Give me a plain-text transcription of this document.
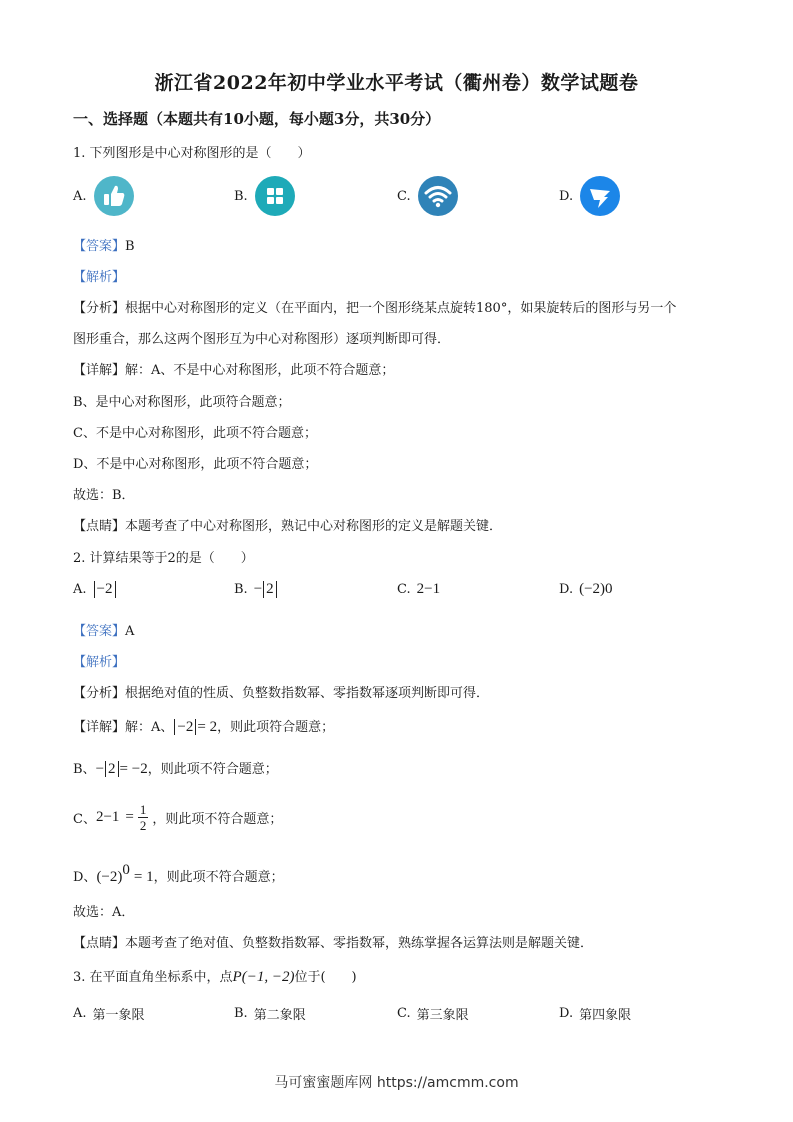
浙江省2022年初中学业水平考试（衢州卷）数学试题卷
一、选择题（本题共有10小题，每小题3分，共30分）
1. 下列图形是中心对称图形的是（　　）
A.	B.	C.	D.
【答案】B
【解析】
【分析】根据中心对称图形的定义（在平面内，把一个图形绕某点旋转180°，如果旋转后的图形与另一个
图形重合，那么这两个图形互为中心对称图形）逐项判断即可得．
【详解】解：A、不是中心对称图形，此项不符合题意；
B、是中心对称图形，此项符合题意；
C、不是中心对称图形，此项不符合题意；
D、不是中心对称图形，此项不符合题意；
故选：B．
【点睛】本题考查了中心对称图形，熟记中心对称图形的定义是解题关键．
2. 计算结果等于2的是（　　）
A. −2	B. − 2	C. 2 −1	D. (−2) 0
【答案】A
【解析】
【分析】根据绝对值的性质、负整数指数幂、零指数幂逐项判断即可得．
【详解】解：A、 −2 = 2，则此项符合题意；
B、− 2 = −2，则此项不符合题意；
C、 $2 -1 = \frac{1}{2}$ ，则此项不符合题意；
D、$(-2)^0 = 1$，则此项不符合题意；
故选：A．
【点睛】本题考查了绝对值、负整数指数幂、零指数幂，熟练掌握各运算法则是解题关键．
3. 在平面直角坐标系中，点P(−1, −2)位于(　　)
A. 第一象限	B. 第二象限	C. 第三象限	D. 第四象限
马可蜜蜜题库网 https://amcmm.com
